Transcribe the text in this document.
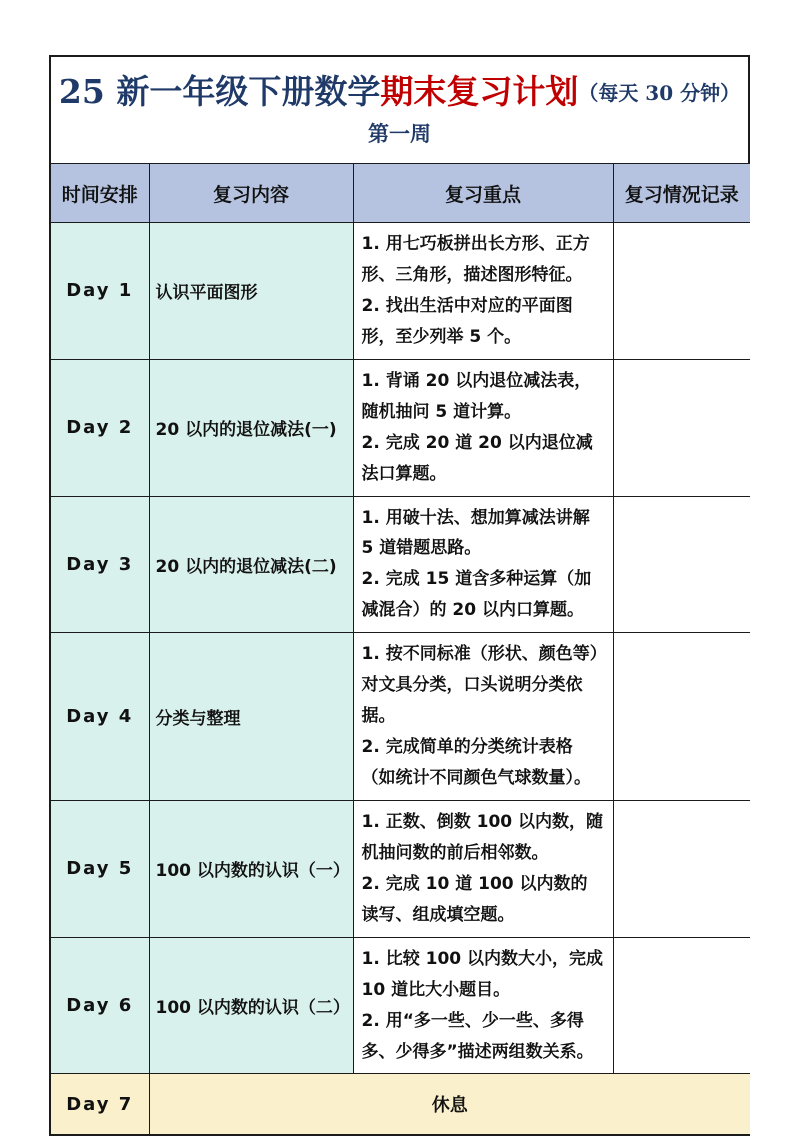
25 新一年级下册数学期末复习计划（每天 30 分钟）
第一周
时间安排	复习内容	复习重点	复习情况记录
Day 1	认识平面图形	1. 用七巧板拼出长方形、正方形、三角形，描述图形特征。
2. 找出生活中对应的平面图形，至少列举 5 个。	

Day 2	20 以内的退位减法(一)	1. 背诵 20 以内退位减法表，随机抽问 5 道计算。
2. 完成 20 道 20 以内退位减法口算题。	

Day 3	20 以内的退位减法(二)	1. 用破十法、想加算减法讲解 5 道错题思路。
2. 完成 15 道含多种运算（加减混合）的 20 以内口算题。	

Day 4	分类与整理	1. 按不同标准（形状、颜色等）对文具分类，口头说明分类依据。
2. 完成简单的分类统计表格（如统计不同颜色气球数量）。	

Day 5	100 以内数的认识（一）	1. 正数、倒数 100 以内数，随机抽问数的前后相邻数。
2. 完成 10 道 100 以内数的读写、组成填空题。	

Day 6	100 以内数的认识（二）	1. 比较 100 以内数大小，完成 10 道比大小题目。
2. 用“多一些、少一些、多得多、少得多”描述两组数关系。	

Day 7	休息		
